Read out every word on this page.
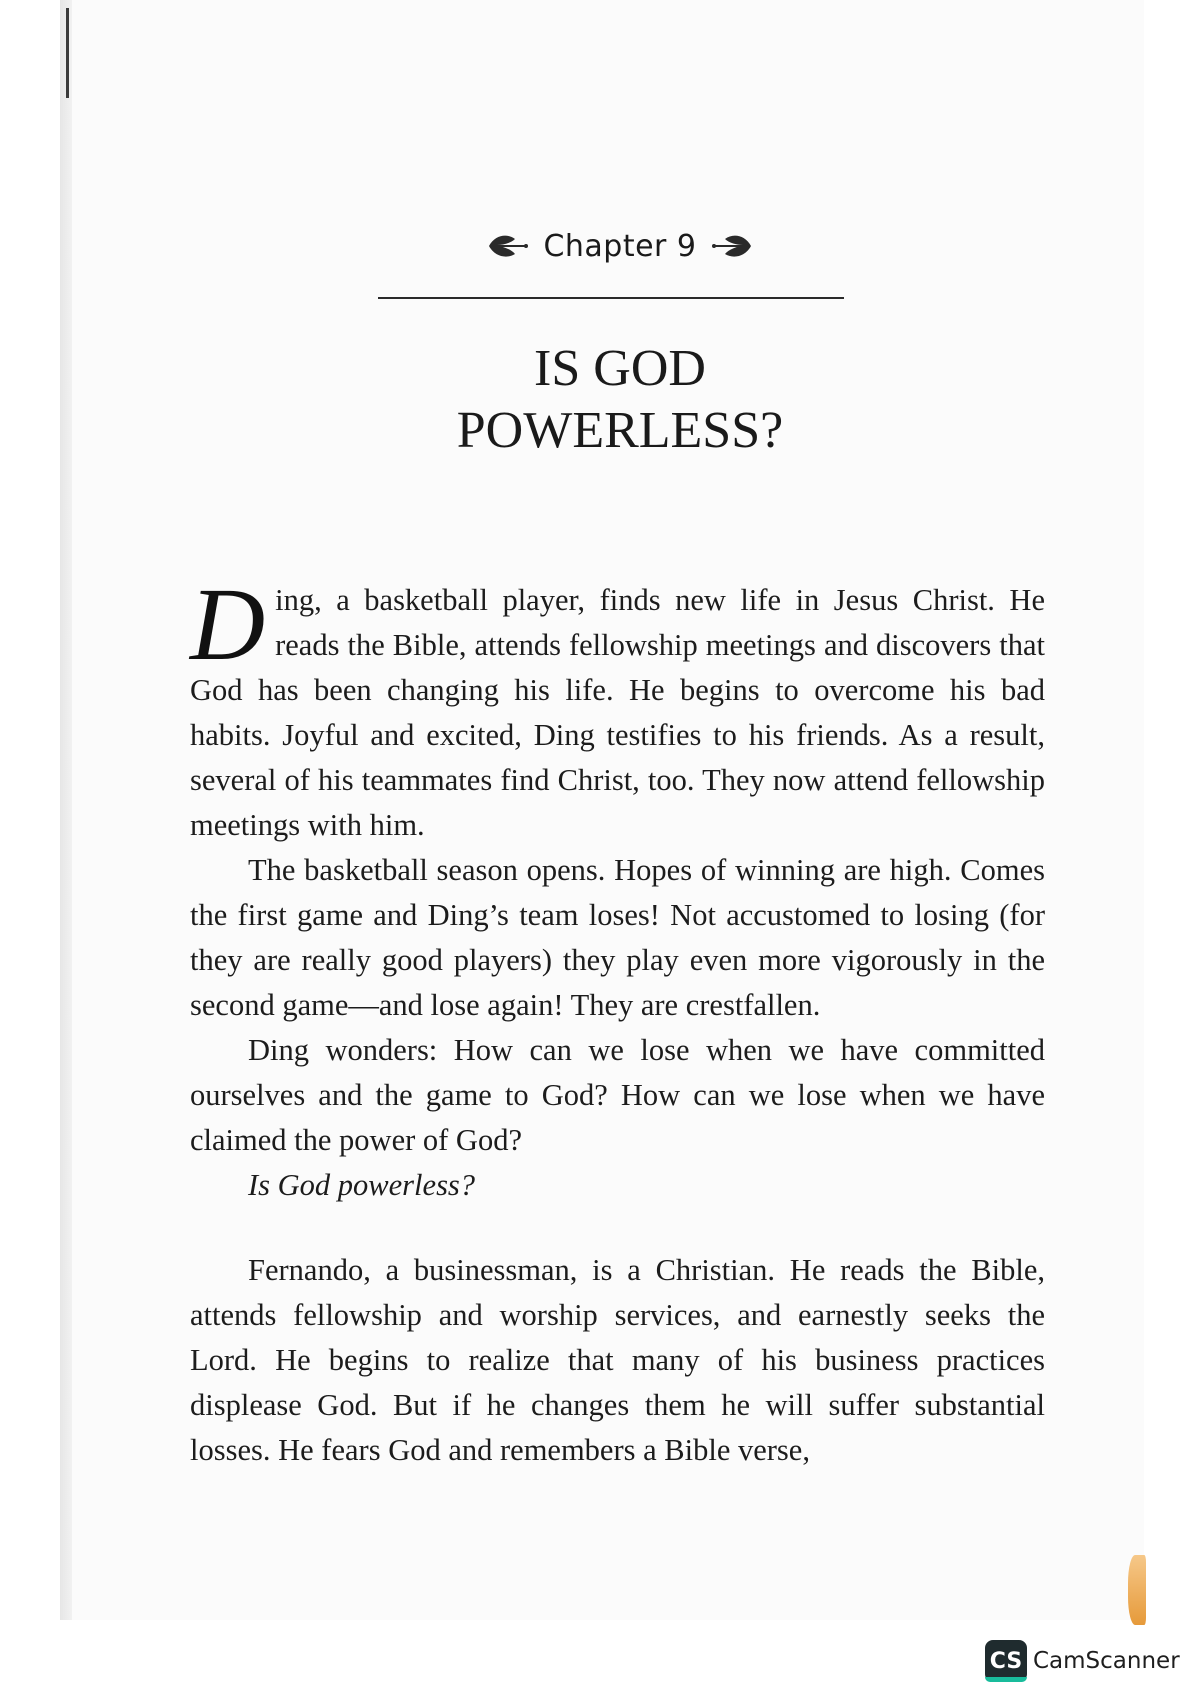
Chapter 9
IS GOD
POWERLESS?

Ding, a basketball player, finds new life in Jesus Christ. He reads the Bible, attends fellowship meetings and discovers that God has been changing his life. He begins to overcome his bad habits. Joyful and excited, Ding testifies to his friends. As a result, several of his teammates find Christ, too. They now attend fellowship meetings with him.

The basketball season opens. Hopes of winning are high. Comes the first game and Ding’s team loses! Not accustomed to losing (for they are really good players) they play even more vigorously in the second game—and lose again! They are crestfallen.

Ding wonders: How can we lose when we have committed ourselves and the game to God? How can we lose when we have claimed the power of God?

Is God powerless?

Fernando, a businessman, is a Christian. He reads the Bible, attends fellowship and worship services, and earnestly seeks the Lord. He begins to realize that many of his business practices displease God. But if he changes them he will suffer substantial losses. He fears God and remembers a Bible verse,

CS CamScanner
